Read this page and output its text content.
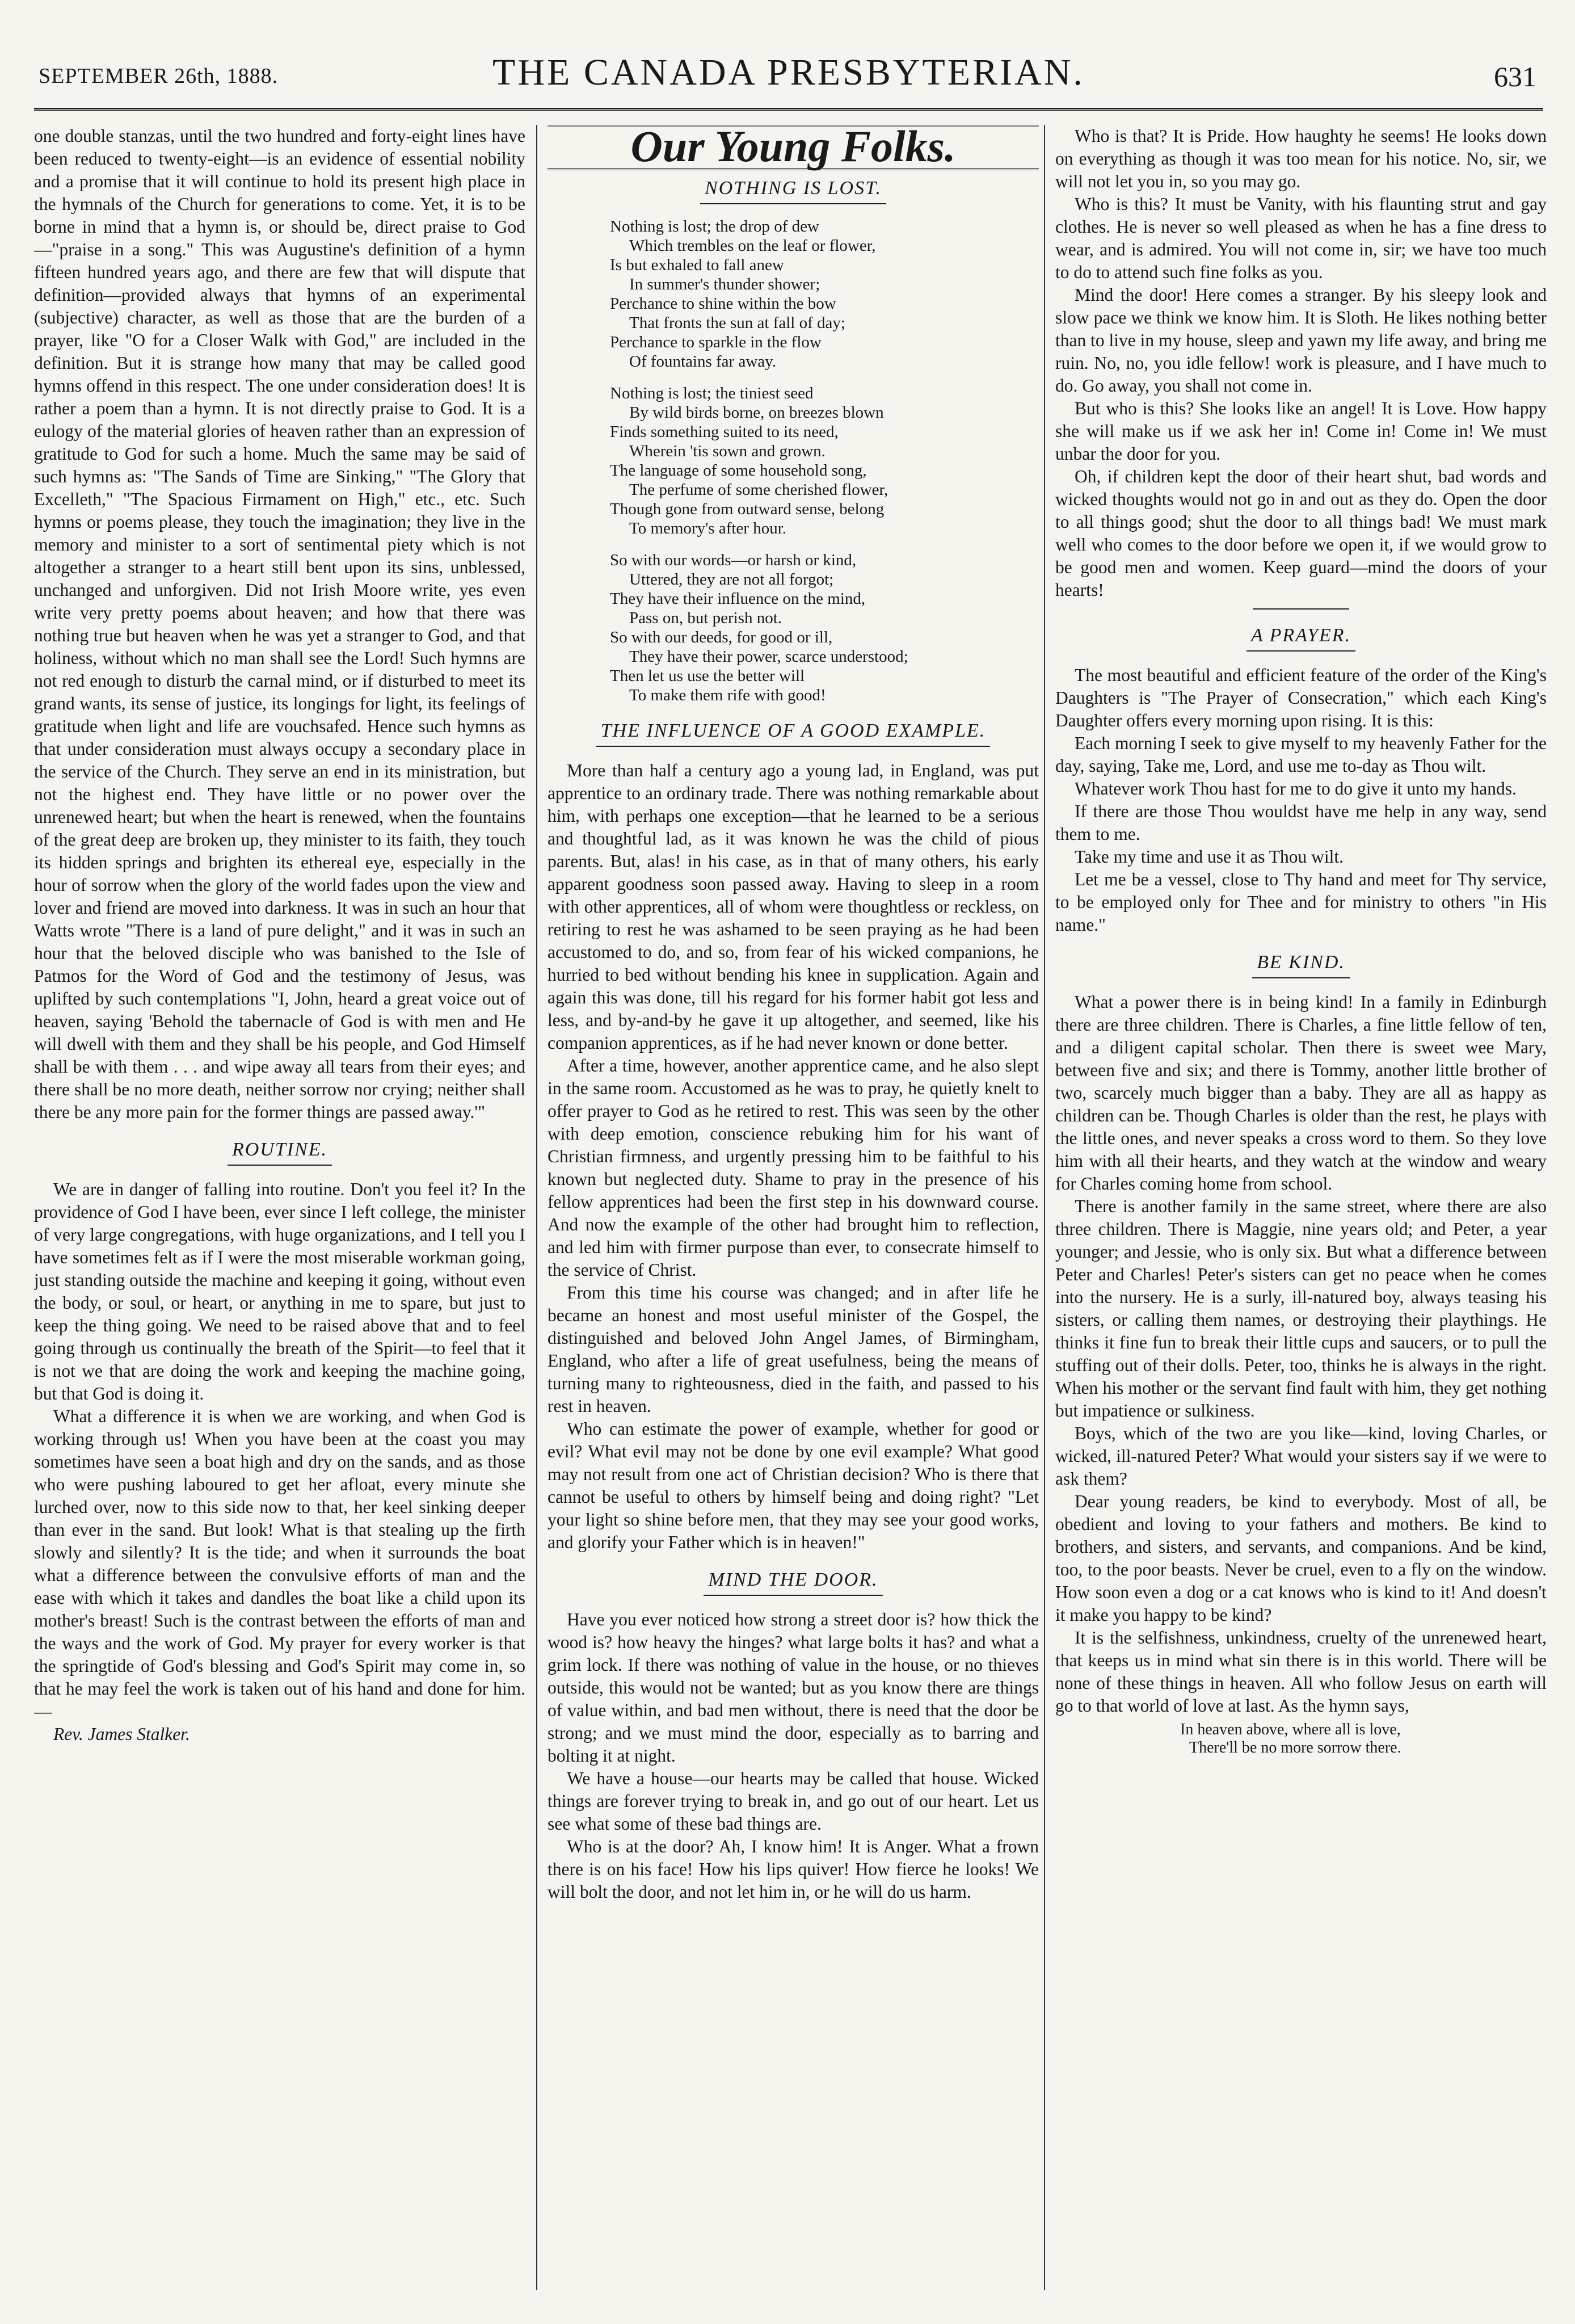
SEPTEMBER 26th, 1888.	THE CANADA PRESBYTERIAN.	631

one double stanzas, until the two hundred and forty-eight lines have been reduced to twenty-eight—is an evidence of essential nobility and a promise that it will continue to hold its present high place in the hymnals of the Church for generations to come. Yet, it is to be borne in mind that a hymn is, or should be, direct praise to God—"praise in a song." This was Augustine's definition of a hymn fifteen hundred years ago, and there are few that will dispute that definition—provided always that hymns of an experimental (subjective) character, as well as those that are the burden of a prayer, like "O for a Closer Walk with God," are included in the definition. But it is strange how many that may be called good hymns offend in this respect. The one under consideration does! It is rather a poem than a hymn. It is not directly praise to God. It is a eulogy of the material glories of heaven rather than an expression of gratitude to God for such a home. Much the same may be said of such hymns as: "The Sands of Time are Sinking," "The Glory that Excelleth," "The Spacious Firmament on High," etc., etc. Such hymns or poems please, they touch the imagination; they live in the memory and minister to a sort of sentimental piety which is not altogether a stranger to a heart still bent upon its sins, unblessed, unchanged and unforgiven. Did not Irish Moore write, yes even write very pretty poems about heaven; and how that there was nothing true but heaven when he was yet a stranger to God, and that holiness, without which no man shall see the Lord! Such hymns are not red enough to disturb the carnal mind, or if disturbed to meet its grand wants, its sense of justice, its longings for light, its feelings of gratitude when light and life are vouchsafed. Hence such hymns as that under consideration must always occupy a secondary place in the service of the Church. They serve an end in its ministration, but not the highest end. They have little or no power over the unrenewed heart; but when the heart is renewed, when the fountains of the great deep are broken up, they minister to its faith, they touch its hidden springs and brighten its ethereal eye, especially in the hour of sorrow when the glory of the world fades upon the view and lover and friend are moved into darkness. It was in such an hour that Watts wrote "There is a land of pure delight," and it was in such an hour that the beloved disciple who was banished to the Isle of Patmos for the Word of God and the testimony of Jesus, was uplifted by such contemplations "I, John, heard a great voice out of heaven, saying 'Behold the tabernacle of God is with men and He will dwell with them and they shall be his people, and God Himself shall be with them . . . and wipe away all tears from their eyes; and there shall be no more death, neither sorrow nor crying; neither shall there be any more pain for the former things are passed away.'"

ROUTINE.

We are in danger of falling into routine. Don't you feel it? In the providence of God I have been, ever since I left college, the minister of very large congregations, with huge organizations, and I tell you I have sometimes felt as if I were the most miserable workman going, just standing outside the machine and keeping it going, without even the body, or soul, or heart, or anything in me to spare, but just to keep the thing going. We need to be raised above that and to feel going through us continually the breath of the Spirit—to feel that it is not we that are doing the work and keeping the machine going, but that God is doing it.

What a difference it is when we are working, and when God is working through us! When you have been at the coast you may sometimes have seen a boat high and dry on the sands, and as those who were pushing laboured to get her afloat, every minute she lurched over, now to this side now to that, her keel sinking deeper than ever in the sand. But look! What is that stealing up the firth slowly and silently? It is the tide; and when it surrounds the boat what a difference between the convulsive efforts of man and the ease with which it takes and dandles the boat like a child upon its mother's breast! Such is the contrast between the efforts of man and the ways and the work of God. My prayer for every worker is that the springtide of God's blessing and God's Spirit may come in, so that he may feel the work is taken out of his hand and done for him.—

Rev. James Stalker.

Our Young Folks.
NOTHING IS LOST.
Nothing is lost; the drop of dew
Which trembles on the leaf or flower,
Is but exhaled to fall anew
In summer's thunder shower;
Perchance to shine within the bow
That fronts the sun at fall of day;
Perchance to sparkle in the flow
Of fountains far away.
Nothing is lost; the tiniest seed
By wild birds borne, on breezes blown
Finds something suited to its need,
Wherein 'tis sown and grown.
The language of some household song,
The perfume of some cherished flower,
Though gone from outward sense, belong
To memory's after hour.
So with our words—or harsh or kind,
Uttered, they are not all forgot;
They have their influence on the mind,
Pass on, but perish not.
So with our deeds, for good or ill,
They have their power, scarce understood;
Then let us use the better will
To make them rife with good!
THE INFLUENCE OF A GOOD EXAMPLE.

More than half a century ago a young lad, in England, was put apprentice to an ordinary trade. There was nothing remarkable about him, with perhaps one exception—that he learned to be a serious and thoughtful lad, as it was known he was the child of pious parents. But, alas! in his case, as in that of many others, his early apparent goodness soon passed away. Having to sleep in a room with other apprentices, all of whom were thoughtless or reckless, on retiring to rest he was ashamed to be seen praying as he had been accustomed to do, and so, from fear of his wicked companions, he hurried to bed without bending his knee in supplication. Again and again this was done, till his regard for his former habit got less and less, and by-and-by he gave it up altogether, and seemed, like his companion apprentices, as if he had never known or done better.

After a time, however, another apprentice came, and he also slept in the same room. Accustomed as he was to pray, he quietly knelt to offer prayer to God as he retired to rest. This was seen by the other with deep emotion, conscience rebuking him for his want of Christian firmness, and urgently pressing him to be faithful to his known but neglected duty. Shame to pray in the presence of his fellow apprentices had been the first step in his downward course. And now the example of the other had brought him to reflection, and led him with firmer purpose than ever, to consecrate himself to the service of Christ.

From this time his course was changed; and in after life he became an honest and most useful minister of the Gospel, the distinguished and beloved John Angel James, of Birmingham, England, who after a life of great usefulness, being the means of turning many to righteousness, died in the faith, and passed to his rest in heaven.

Who can estimate the power of example, whether for good or evil? What evil may not be done by one evil example? What good may not result from one act of Christian decision? Who is there that cannot be useful to others by himself being and doing right? "Let your light so shine before men, that they may see your good works, and glorify your Father which is in heaven!"

MIND THE DOOR.

Have you ever noticed how strong a street door is? how thick the wood is? how heavy the hinges? what large bolts it has? and what a grim lock. If there was nothing of value in the house, or no thieves outside, this would not be wanted; but as you know there are things of value within, and bad men without, there is need that the door be strong; and we must mind the door, especially as to barring and bolting it at night.

We have a house—our hearts may be called that house. Wicked things are forever trying to break in, and go out of our heart. Let us see what some of these bad things are.

Who is at the door? Ah, I know him! It is Anger. What a frown there is on his face! How his lips quiver! How fierce he looks! We will bolt the door, and not let him in, or he will do us harm.

Who is that? It is Pride. How haughty he seems! He looks down on everything as though it was too mean for his notice. No, sir, we will not let you in, so you may go.

Who is this? It must be Vanity, with his flaunting strut and gay clothes. He is never so well pleased as when he has a fine dress to wear, and is admired. You will not come in, sir; we have too much to do to attend such fine folks as you.

Mind the door! Here comes a stranger. By his sleepy look and slow pace we think we know him. It is Sloth. He likes nothing better than to live in my house, sleep and yawn my life away, and bring me ruin. No, no, you idle fellow! work is pleasure, and I have much to do. Go away, you shall not come in.

But who is this? She looks like an angel! It is Love. How happy she will make us if we ask her in! Come in! Come in! We must unbar the door for you.

Oh, if children kept the door of their heart shut, bad words and wicked thoughts would not go in and out as they do. Open the door to all things good; shut the door to all things bad! We must mark well who comes to the door before we open it, if we would grow to be good men and women. Keep guard—mind the doors of your hearts!

A PRAYER.

The most beautiful and efficient feature of the order of the King's Daughters is "The Prayer of Consecration," which each King's Daughter offers every morning upon rising. It is this:

Each morning I seek to give myself to my heavenly Father for the day, saying, Take me, Lord, and use me to-day as Thou wilt.

Whatever work Thou hast for me to do give it unto my hands.

If there are those Thou wouldst have me help in any way, send them to me.

Take my time and use it as Thou wilt.

Let me be a vessel, close to Thy hand and meet for Thy service, to be employed only for Thee and for ministry to others "in His name."

BE KIND.

What a power there is in being kind! In a family in Edinburgh there are three children. There is Charles, a fine little fellow of ten, and a diligent capital scholar. Then there is sweet wee Mary, between five and six; and there is Tommy, another little brother of two, scarcely much bigger than a baby. They are all as happy as children can be. Though Charles is older than the rest, he plays with the little ones, and never speaks a cross word to them. So they love him with all their hearts, and they watch at the window and weary for Charles coming home from school.

There is another family in the same street, where there are also three children. There is Maggie, nine years old; and Peter, a year younger; and Jessie, who is only six. But what a difference between Peter and Charles! Peter's sisters can get no peace when he comes into the nursery. He is a surly, ill-natured boy, always teasing his sisters, or calling them names, or destroying their playthings. He thinks it fine fun to break their little cups and saucers, or to pull the stuffing out of their dolls. Peter, too, thinks he is always in the right. When his mother or the servant find fault with him, they get nothing but impatience or sulkiness.

Boys, which of the two are you like—kind, loving Charles, or wicked, ill-natured Peter? What would your sisters say if we were to ask them?

Dear young readers, be kind to everybody. Most of all, be obedient and loving to your fathers and mothers. Be kind to brothers, and sisters, and servants, and companions. And be kind, too, to the poor beasts. Never be cruel, even to a fly on the window. How soon even a dog or a cat knows who is kind to it! And doesn't it make you happy to be kind?

It is the selfishness, unkindness, cruelty of the unrenewed heart, that keeps us in mind what sin there is in this world. There will be none of these things in heaven. All who follow Jesus on earth will go to that world of love at last. As the hymn says,

In heaven above, where all is love,
There'll be no more sorrow there.
